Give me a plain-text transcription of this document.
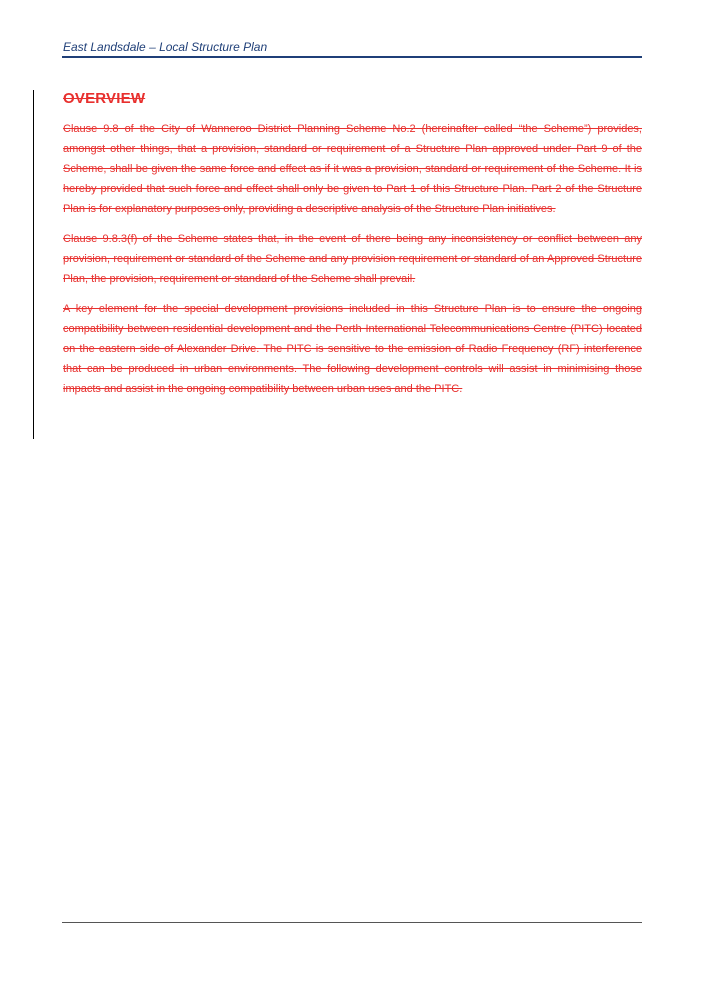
East Landsdale – Local Structure Plan
OVERVIEW

Clause 9.8 of the City of Wanneroo District Planning Scheme No.2 (hereinafter called “the Scheme”) provides, amongst other things, that a provision, standard or requirement of a Structure Plan approved under Part 9 of the Scheme, shall be given the same force and effect as if it was a provision, standard or requirement of the Scheme. It is hereby provided that such force and effect shall only be given to Part 1 of this Structure Plan. Part 2 of the Structure Plan is for explanatory purposes only, providing a descriptive analysis of the Structure Plan initiatives.

Clause 9.8.3(f) of the Scheme states that, in the event of there being any inconsistency or conflict between any provision, requirement or standard of the Scheme and any provision requirement or standard of an Approved Structure Plan, the provision, requirement or standard of the Scheme shall prevail.

A key element for the special development provisions included in this Structure Plan is to ensure the ongoing compatibility between residential development and the Perth International Telecommunications Centre (PITC) located on the eastern side of Alexander Drive. The PITC is sensitive to the emission of Radio Frequency (RF) interference that can be produced in urban environments. The following development controls will assist in minimising those impacts and assist in the ongoing compatibility between urban uses and the PITC.
